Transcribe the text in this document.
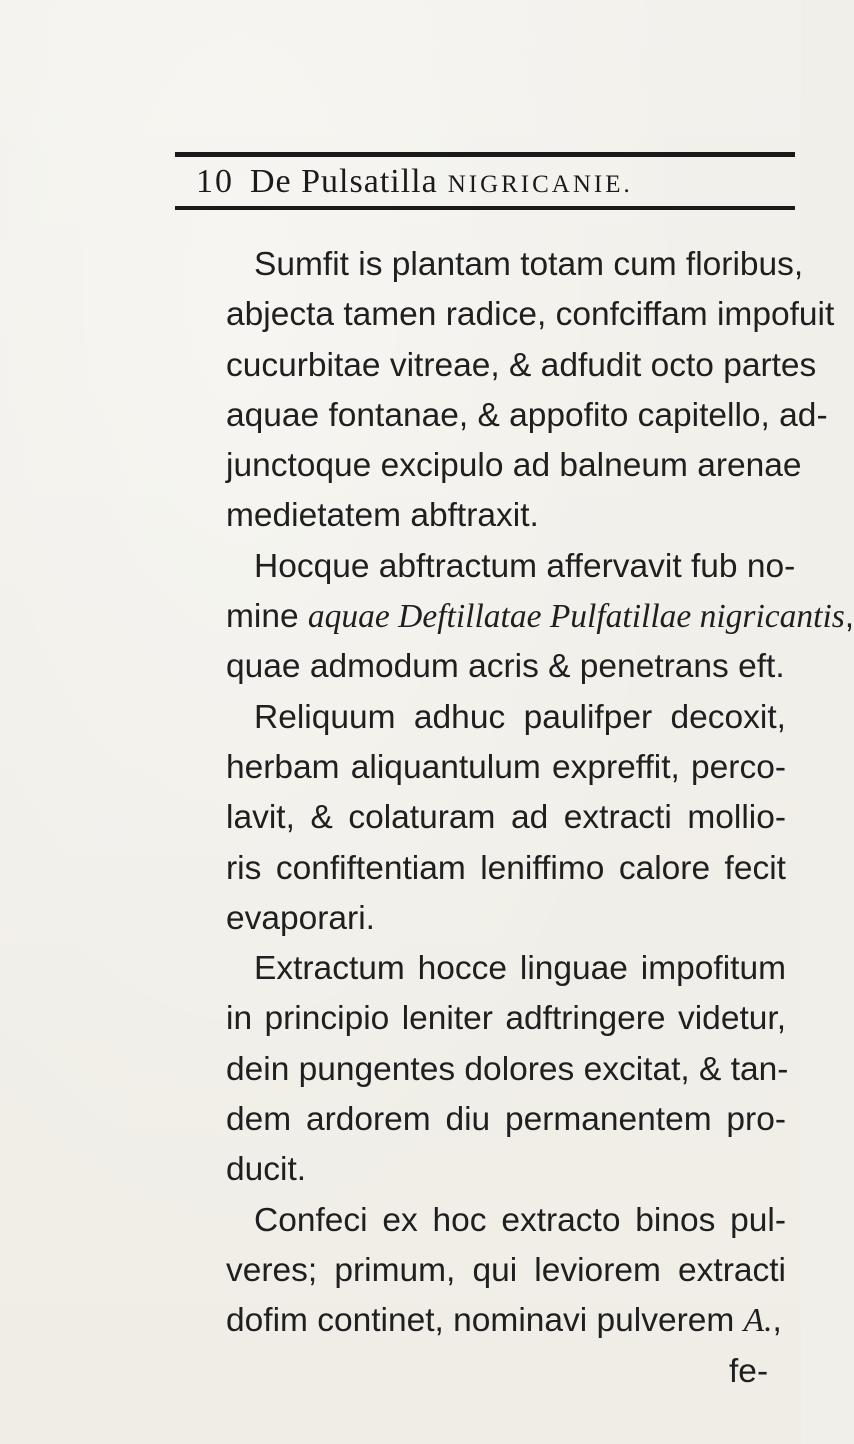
10 De Pulsatilla NIGRICANIE.
Sumfit is plantam totam cum floribus,
abjecta tamen radice, confciffam impofuit
cucurbitae vitreae, & adfudit octo partes
aquae fontanae, & appofito capitello, ad-
junctoque excipulo ad balneum arenae
medietatem abftraxit.
Hocque abftractum affervavit fub no-
mine aquae Deftillatae Pulfatillae nigricantis,
quae admodum acris & penetrans eft.
Reliquum adhuc paulifper decoxit,
herbam aliquantulum expreffit, perco-
lavit, & colaturam ad extracti mollio-
ris confiftentiam leniffimo calore fecit
evaporari.
Extractum hocce linguae impofitum
in principio leniter adftringere videtur,
dein pungentes dolores excitat, & tan-
dem ardorem diu permanentem pro-
ducit.
Confeci ex hoc extracto binos pul-
veres; primum, qui leviorem extracti
dofim continet, nominavi pulverem A.,
fe-
